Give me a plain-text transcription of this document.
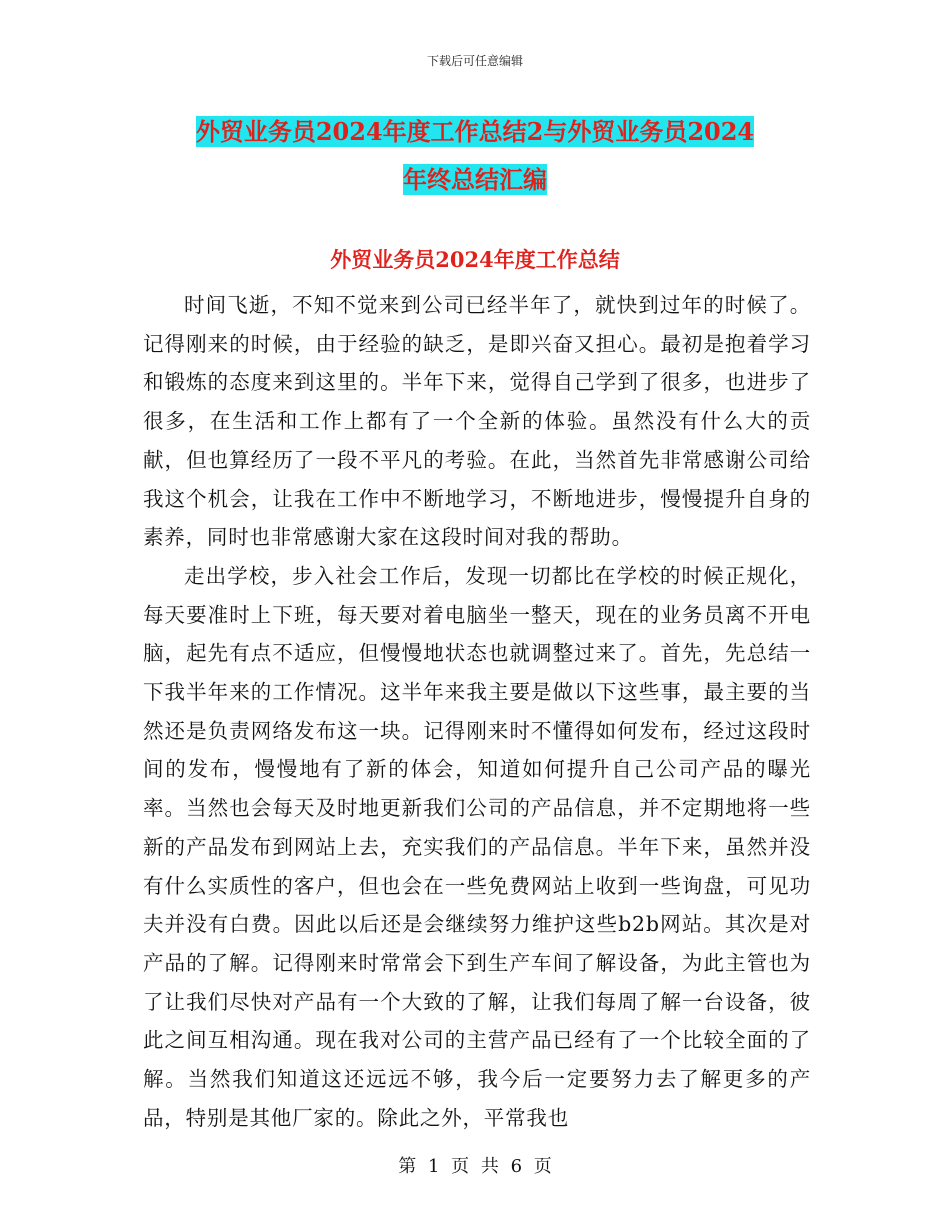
下载后可任意编辑
外贸业务员2024年度工作总结2与外贸业务员2024
年终总结汇编
外贸业务员2024年度工作总结

时间飞逝，不知不觉来到公司已经半年了，就快到过年的时候了。记得刚来的时候，由于经验的缺乏，是即兴奋又担心。最初是抱着学习和锻炼的态度来到这里的。半年下来，觉得自己学到了很多，也进步了很多，在生活和工作上都有了一个全新的体验。虽然没有什么大的贡献，但也算经历了一段不平凡的考验。在此，当然首先非常感谢公司给我这个机会，让我在工作中不断地学习，不断地进步，慢慢提升自身的素养，同时也非常感谢大家在这段时间对我的帮助。

走出学校，步入社会工作后，发现一切都比在学校的时候正规化，每天要准时上下班，每天要对着电脑坐一整天，现在的业务员离不开电脑，起先有点不适应，但慢慢地状态也就调整过来了。首先，先总结一下我半年来的工作情况。这半年来我主要是做以下这些事，最主要的当然还是负责网络发布这一块。记得刚来时不懂得如何发布，经过这段时间的发布，慢慢地有了新的体会，知道如何提升自己公司产品的曝光率。当然也会每天及时地更新我们公司的产品信息，并不定期地将一些新的产品发布到网站上去，充实我们的产品信息。半年下来，虽然并没有什么实质性的客户，但也会在一些免费网站上收到一些询盘，可见功夫并没有白费。因此以后还是会继续努力维护这些b2b网站。其次是对产品的了解。记得刚来时常常会下到生产车间了解设备，为此主管也为了让我们尽快对产品有一个大致的了解，让我们每周了解一台设备，彼此之间互相沟通。现在我对公司的主营产品已经有了一个比较全面的了解。当然我们知道这还远远不够，我今后一定要努力去了解更多的产品，特别是其他厂家的。除此之外，平常我也

第 1 页 共 6 页
